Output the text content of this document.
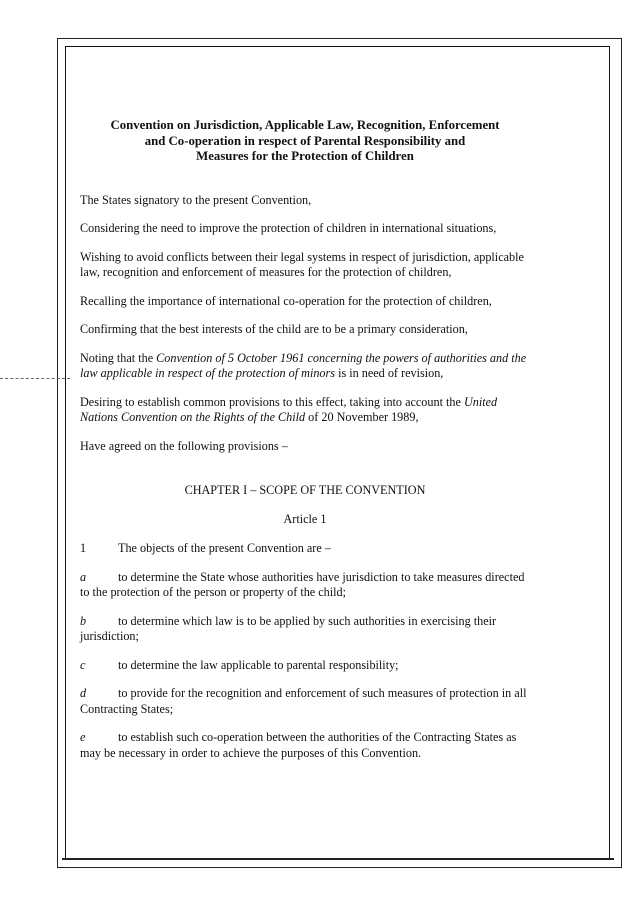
Convention on Jurisdiction, Applicable Law, Recognition, Enforcement
and Co-operation in respect of Parental Responsibility and
Measures for the Protection of Children

The States signatory to the present Convention,

Considering the need to improve the protection of children in international situations,

Wishing to avoid conflicts between their legal systems in respect of jurisdiction, applicable law, recognition and enforcement of measures for the protection of children,

Recalling the importance of international co-operation for the protection of children,

Confirming that the best interests of the child are to be a primary consideration,

Noting that the Convention of 5 October 1961 concerning the powers of authorities and the law applicable in respect of the protection of minors is in need of revision,

Desiring to establish common provisions to this effect, taking into account the United Nations Convention on the Rights of the Child of 20 November 1989,

Have agreed on the following provisions –

CHAPTER I – SCOPE OF THE CONVENTION
Article 1
1	The objects of the present Convention are –
a	to determine the State whose authorities have jurisdiction to take measures directed to the protection of the person or property of the child;
b	to determine which law is to be applied by such authorities in exercising their jurisdiction;
c	to determine the law applicable to parental responsibility;
d	to provide for the recognition and enforcement of such measures of protection in all Contracting States;
e	to establish such co-operation between the authorities of the Contracting States as may be necessary in order to achieve the purposes of this Convention.
